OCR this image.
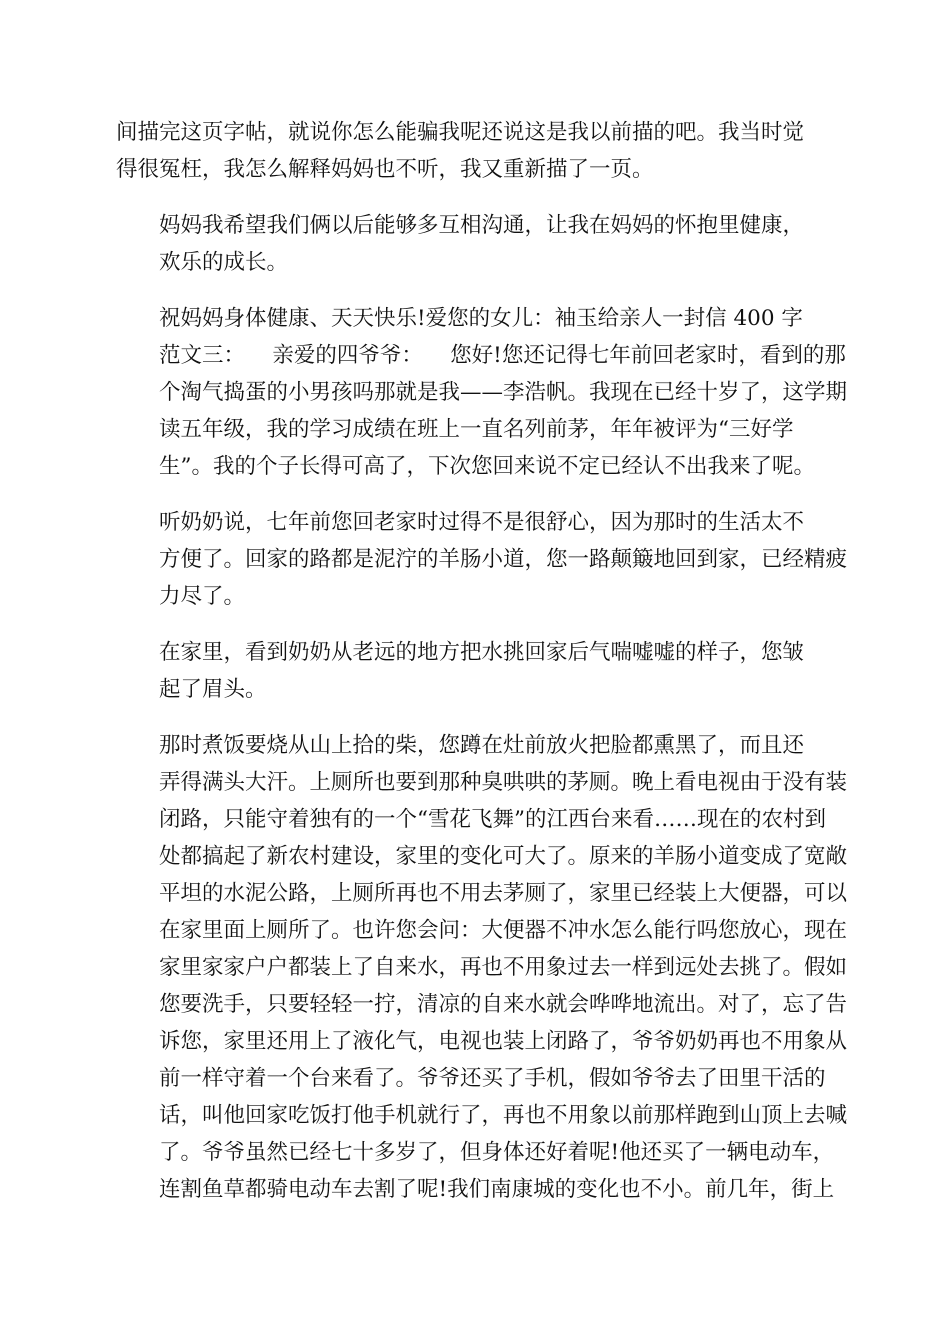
间描完这页字帖，就说你怎么能骗我呢还说这是我以前描的吧。我当时觉
得很冤枉，我怎么解释妈妈也不听，我又重新描了一页。
妈妈我希望我们俩以后能够多互相沟通，让我在妈妈的怀抱里健康，
欢乐的成长。
祝妈妈身体健康、天天快乐!爱您的女儿：袖玉给亲人一封信 400 字
范文三：    亲爱的四爷爷：    您好!您还记得七年前回老家时，看到的那
个淘气捣蛋的小男孩吗那就是我——李浩帆。我现在已经十岁了，这学期
读五年级，我的学习成绩在班上一直名列前茅，年年被评为“三好学
生”。我的个子长得可高了，下次您回来说不定已经认不出我来了呢。
听奶奶说，七年前您回老家时过得不是很舒心，因为那时的生活太不
方便了。回家的路都是泥泞的羊肠小道，您一路颠簸地回到家，已经精疲
力尽了。
在家里，看到奶奶从老远的地方把水挑回家后气喘嘘嘘的样子，您皱
起了眉头。
那时煮饭要烧从山上拾的柴，您蹲在灶前放火把脸都熏黑了，而且还
弄得满头大汗。上厕所也要到那种臭哄哄的茅厕。晚上看电视由于没有装
闭路，只能守着独有的一个“雪花飞舞”的江西台来看……现在的农村到
处都搞起了新农村建设，家里的变化可大了。原来的羊肠小道变成了宽敞
平坦的水泥公路，上厕所再也不用去茅厕了，家里已经装上大便器，可以
在家里面上厕所了。也许您会问：大便器不冲水怎么能行吗您放心，现在
家里家家户户都装上了自来水，再也不用象过去一样到远处去挑了。假如
您要洗手，只要轻轻一拧，清凉的自来水就会哗哗地流出。对了，忘了告
诉您，家里还用上了液化气，电视也装上闭路了，爷爷奶奶再也不用象从
前一样守着一个台来看了。爷爷还买了手机，假如爷爷去了田里干活的
话，叫他回家吃饭打他手机就行了，再也不用象以前那样跑到山顶上去喊
了。爷爷虽然已经七十多岁了，但身体还好着呢!他还买了一辆电动车，
连割鱼草都骑电动车去割了呢!我们南康城的变化也不小。前几年，街上
